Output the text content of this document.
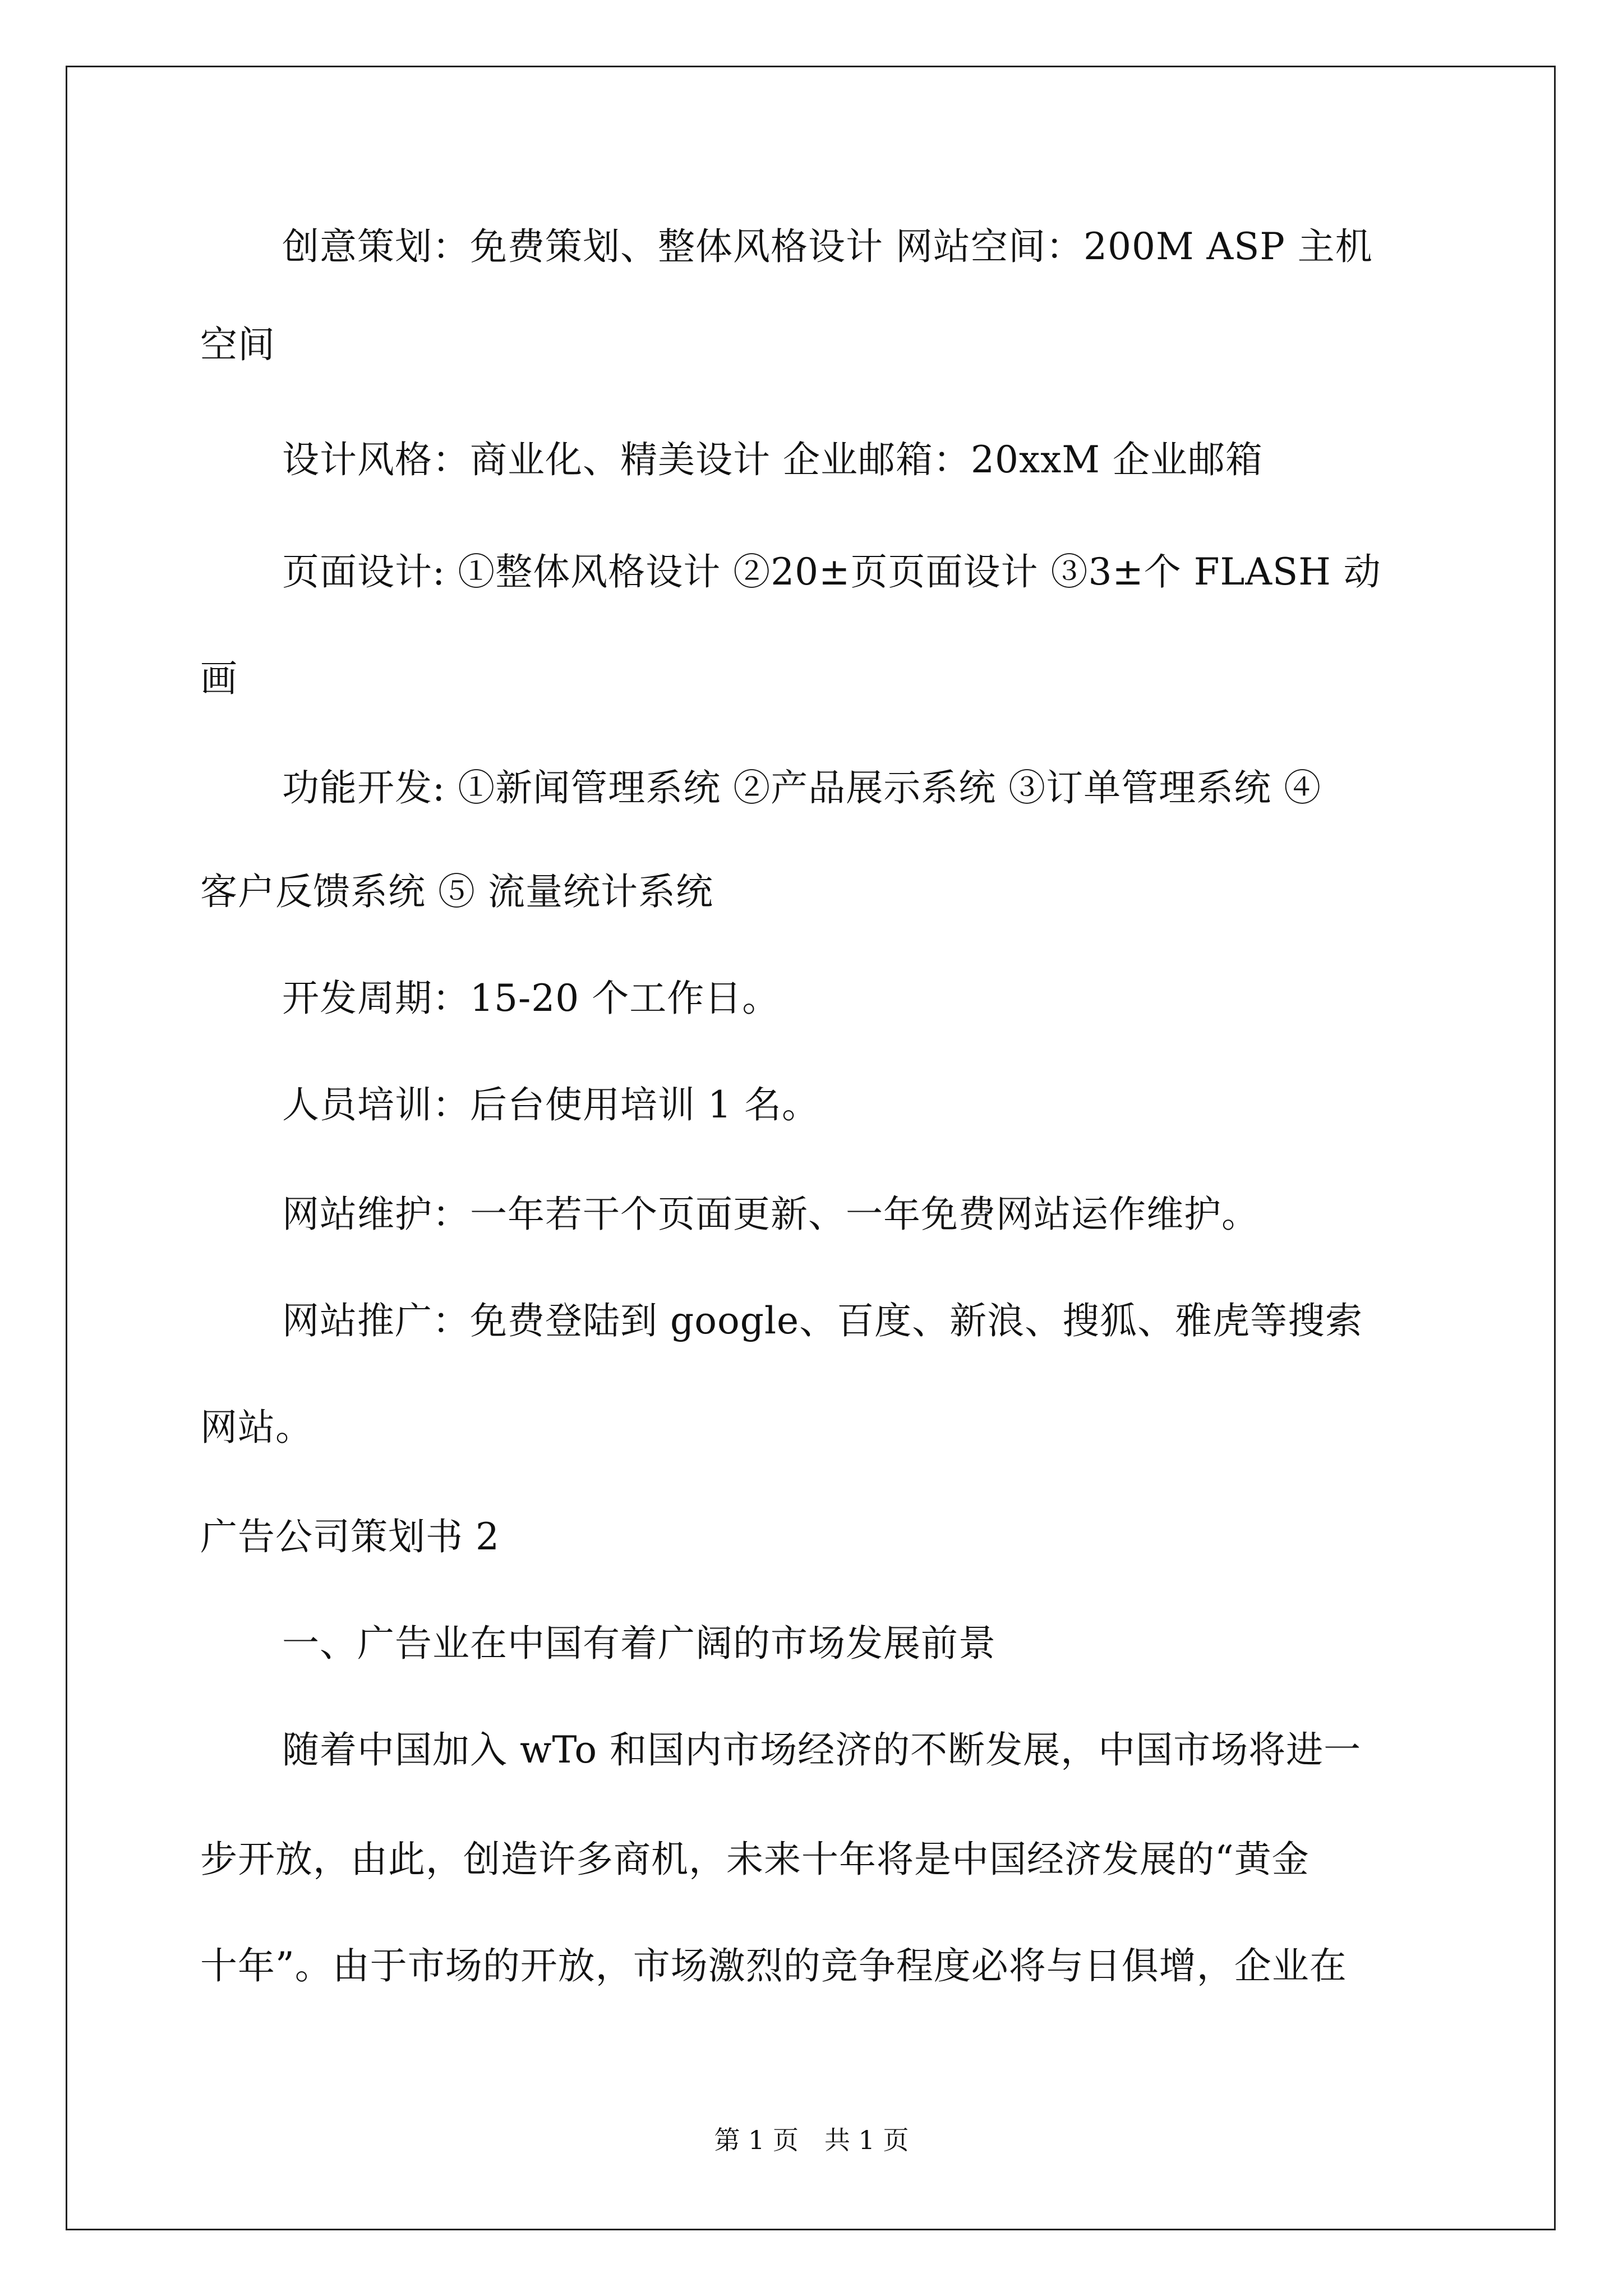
创意策划：免费策划、整体风格设计 网站空间：200M ASP 主机
空间
设计风格：商业化、精美设计 企业邮箱：20xxM 企业邮箱
页面设计: ①整体风格设计 ②20±页页面设计 ③3±个 FLASH 动
画
功能开发: ①新闻管理系统 ②产品展示系统 ③订单管理系统 ④
客户反馈系统 ⑤ 流量统计系统
开发周期：15-20 个工作日。
人员培训：后台使用培训 1 名。
网站维护：一年若干个页面更新、一年免费网站运作维护。
网站推广：免费登陆到 google、百度、新浪、搜狐、雅虎等搜索
网站。
广告公司策划书 2
一、广告业在中国有着广阔的市场发展前景
随着中国加入 wTo 和国内市场经济的不断发展，中国市场将进一
步开放，由此，创造许多商机，未来十年将是中国经济发展的“黄金
十年”。由于市场的开放，市场激烈的竞争程度必将与日俱增，企业在
第 1 页　共 1 页
